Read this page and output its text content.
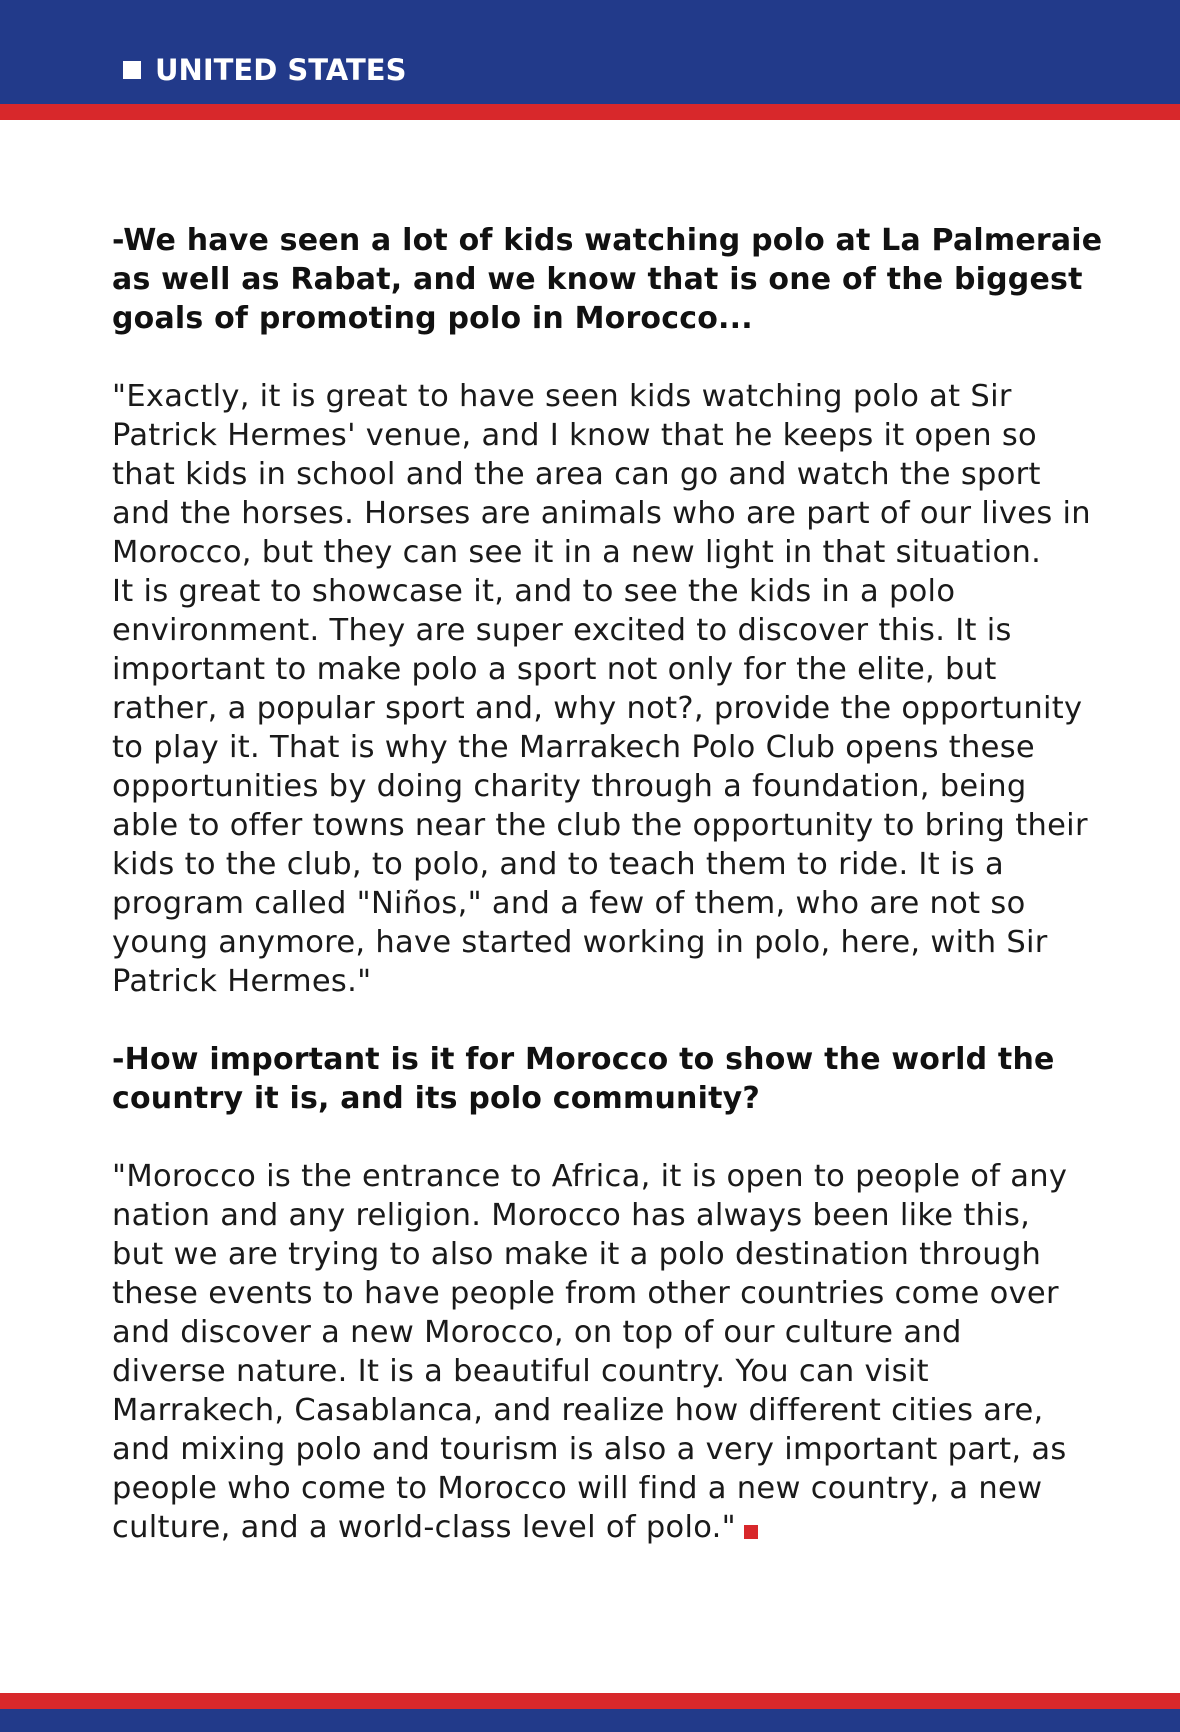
UNITED STATES

-We have seen a lot of kids watching polo at La Palmeraie
as well as Rabat, and we know that is one of the biggest
goals of promoting polo in Morocco...

"Exactly, it is great to have seen kids watching polo at Sir
Patrick Hermes' venue, and I know that he keeps it open so
that kids in school and the area can go and watch the sport
and the horses. Horses are animals who are part of our lives in
Morocco, but they can see it in a new light in that situation.
It is great to showcase it, and to see the kids in a polo
environment. They are super excited to discover this. It is
important to make polo a sport not only for the elite, but
rather, a popular sport and, why not?, provide the opportunity
to play it. That is why the Marrakech Polo Club opens these
opportunities by doing charity through a foundation, being
able to offer towns near the club the opportunity to bring their
kids to the club, to polo, and to teach them to ride. It is a
program called "Niños," and a few of them, who are not so
young anymore, have started working in polo, here, with Sir
Patrick Hermes."

-How important is it for Morocco to show the world the
country it is, and its polo community?

"Morocco is the entrance to Africa, it is open to people of any
nation and any religion. Morocco has always been like this,
but we are trying to also make it a polo destination through
these events to have people from other countries come over
and discover a new Morocco, on top of our culture and
diverse nature. It is a beautiful country. You can visit
Marrakech, Casablanca, and realize how different cities are,
and mixing polo and tourism is also a very important part, as
people who come to Morocco will find a new country, a new
culture, and a world-class level of polo."
